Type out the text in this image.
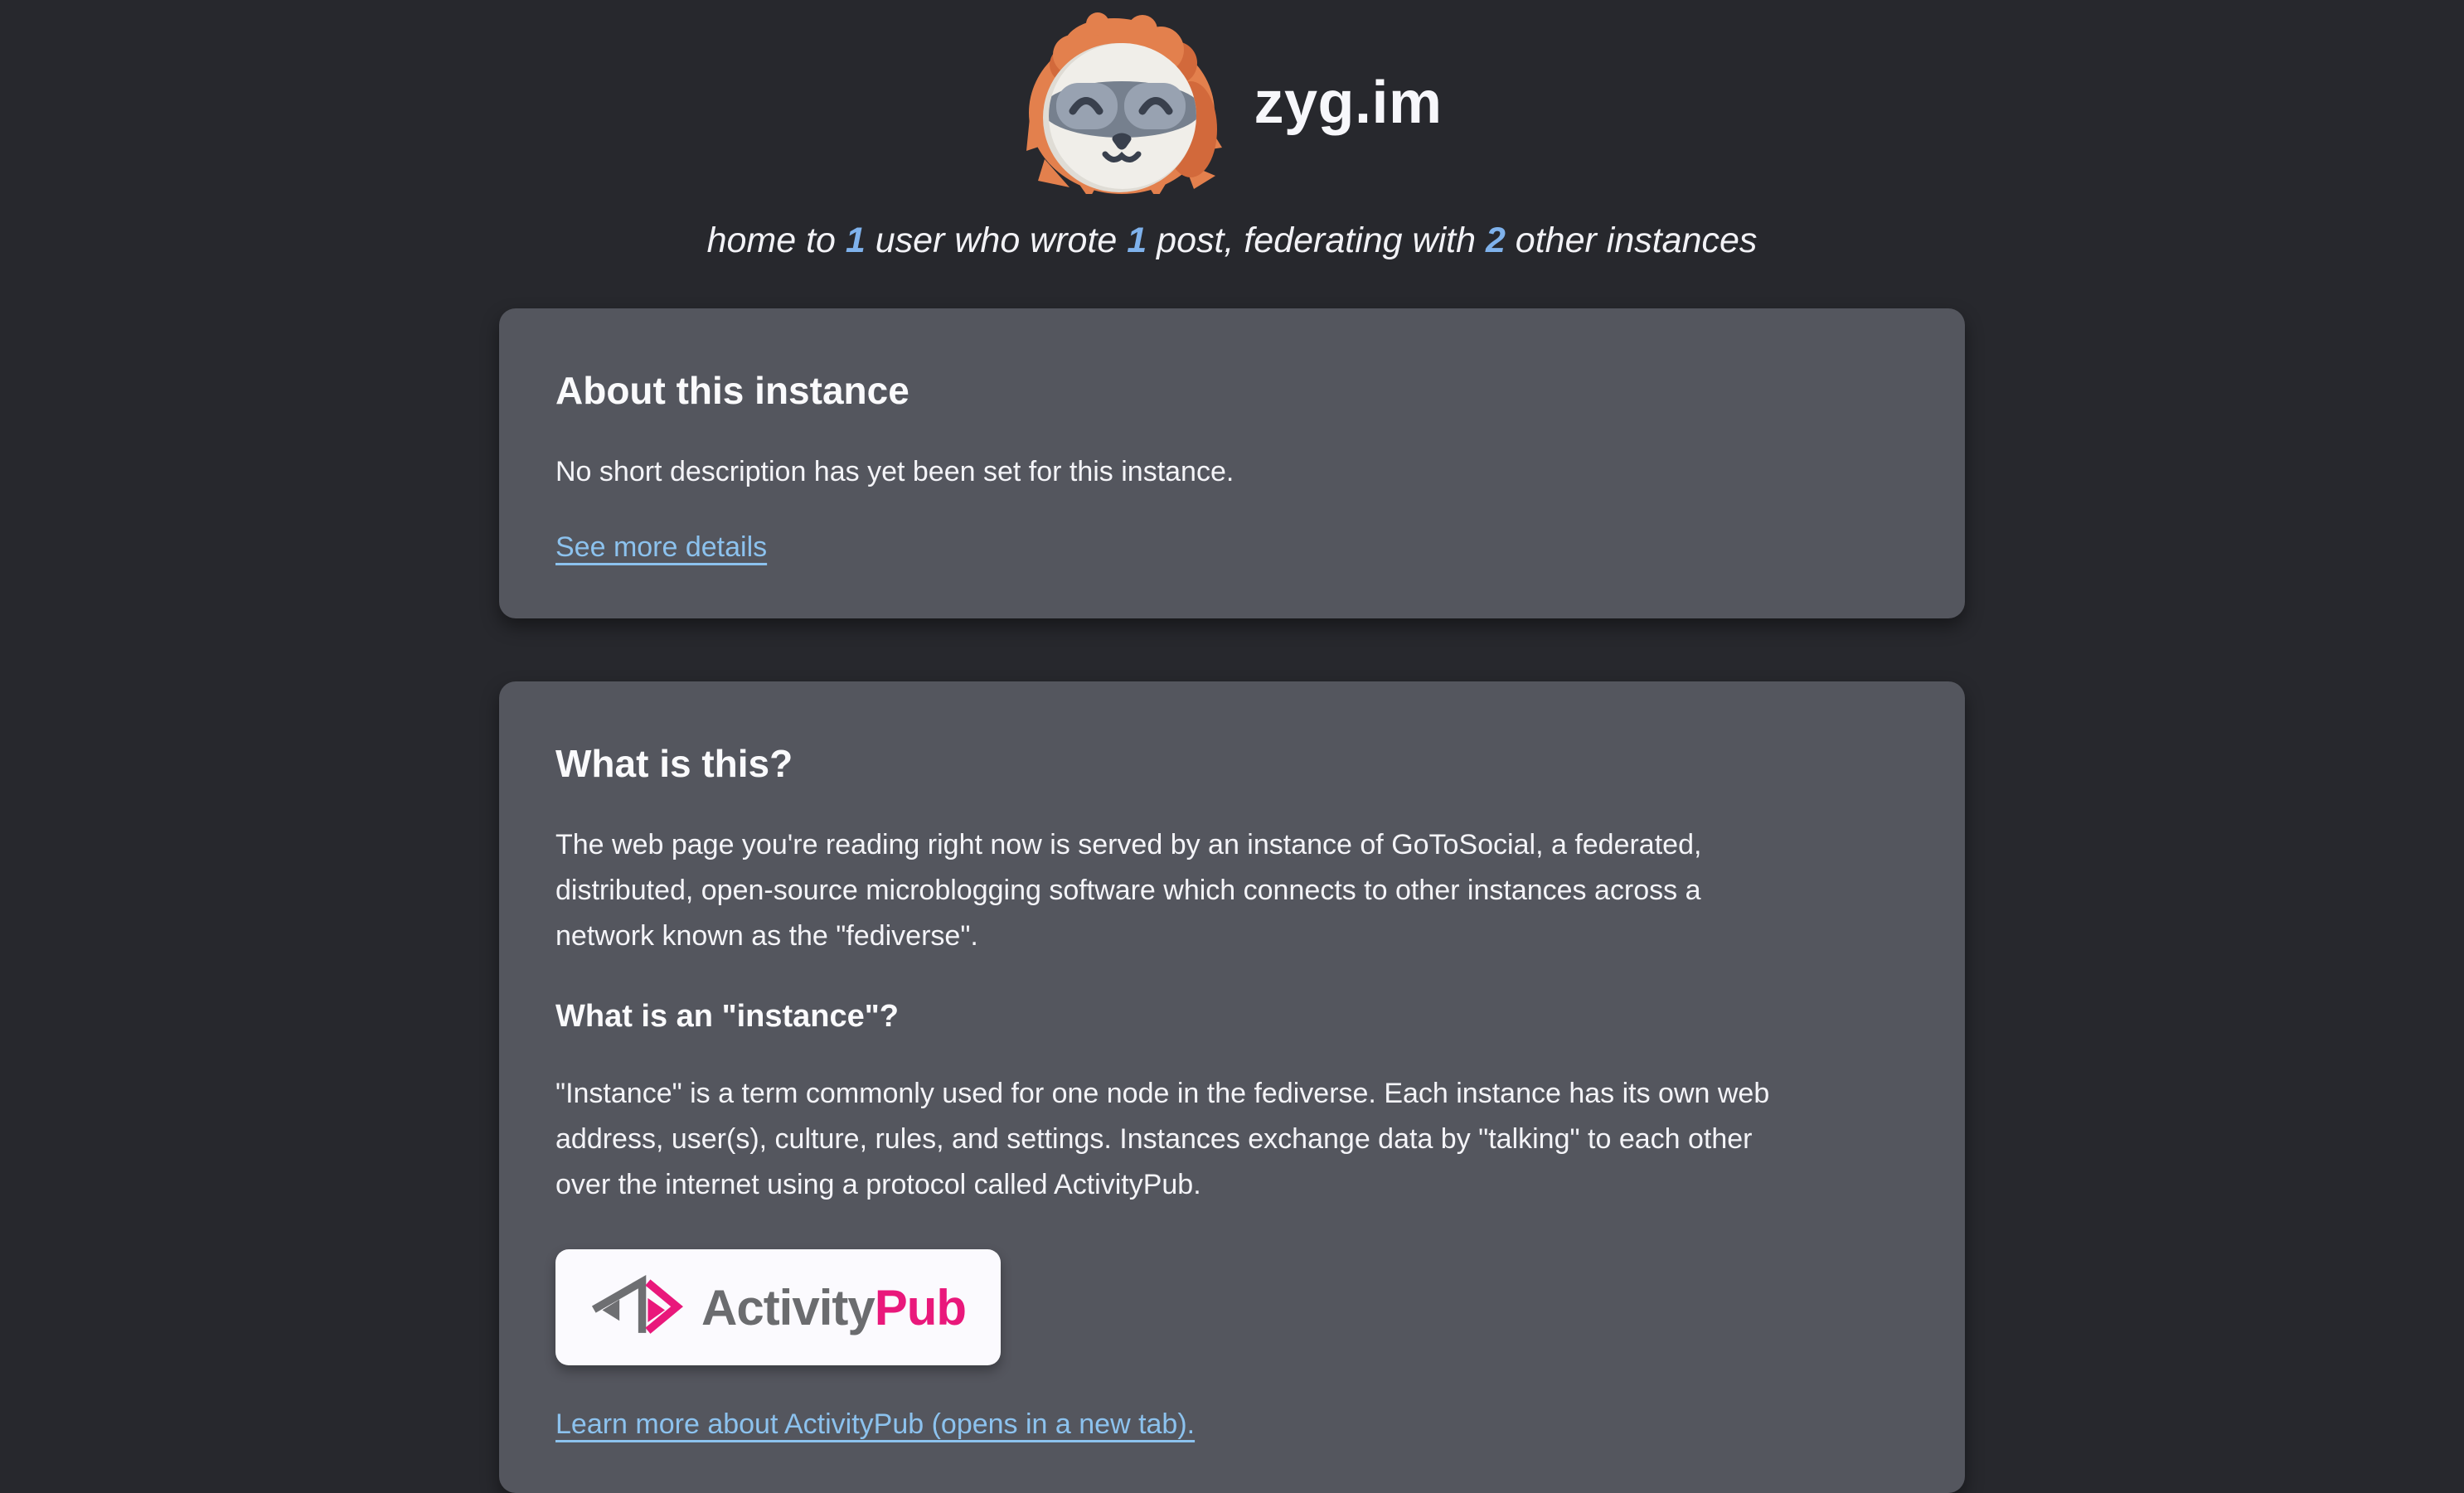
zyg.im
home to 1 user who wrote 1 post, federating with 2 other instances
About this instance

No short description has yet been set for this instance.

See more details
What is this?

The web page you're reading right now is served by an instance of GoToSocial, a federated,
distributed, open-source microblogging software which connects to other instances across a
network known as the "fediverse".

What is an "instance"?

"Instance" is a term commonly used for one node in the fediverse. Each instance has its own web
address, user(s), culture, rules, and settings. Instances exchange data by "talking" to each other
over the internet using a protocol called ActivityPub.

ActivityPub
Learn more about ActivityPub (opens in a new tab).
